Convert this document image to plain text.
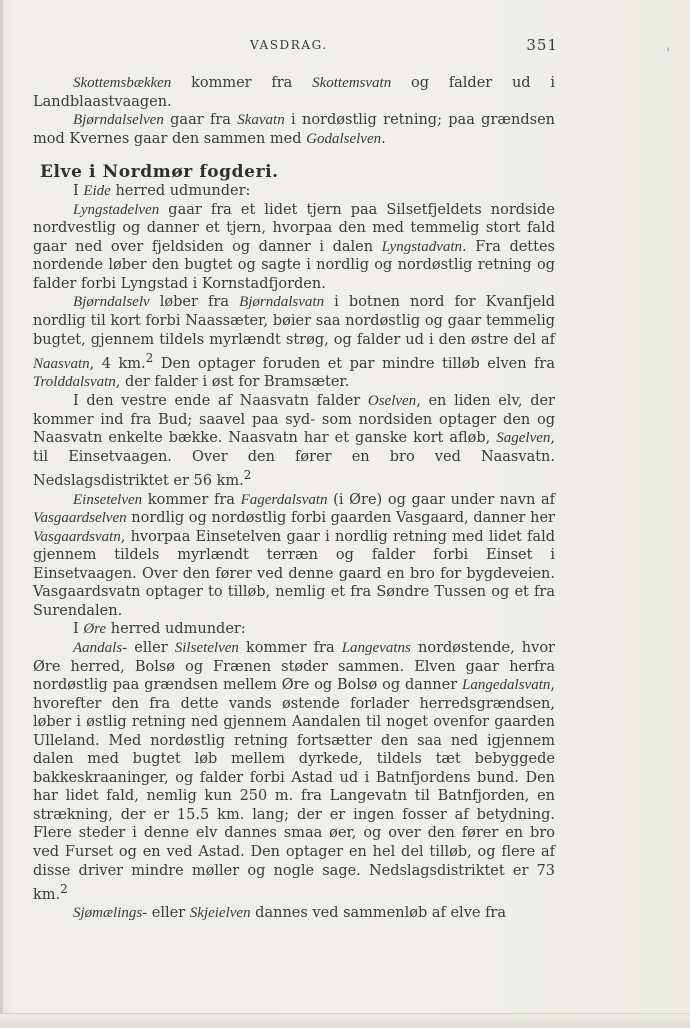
VASDRAG.	351	'

Skottemsbækken kommer fra Skottemsvatn og falder ud i Landblaastvaagen.

Bjørndalselven gaar fra Skavatn i nordøstlig retning; paa grændsen mod Kvernes gaar den sammen med Godalselven.

Elve i Nordmør fogderi.

I Eide herred udmunder:

Lyngstadelven gaar fra et lidet tjern paa Silsetfjeldets nordside nordvestlig og danner et tjern, hvorpaa den med temmelig stort fald gaar ned over fjeldsiden og danner i dalen Lyngstadvatn. Fra dettes nordende løber den bugtet og sagte i nordlig og nordøstlig retning og falder forbi Lyngstad i Kornstadfjorden.

Bjørndalselv løber fra Bjørndalsvatn i botnen nord for Kvanfjeld nordlig til kort forbi Naassæter, bøier saa nordøstlig og gaar temmelig bugtet, gjennem tildels myrlændt strøg, og falder ud i den østre del af Naasvatn, 4 km.$^2$ Den optager foruden et par mindre tilløb elven fra Trolddalsvatn, der falder i øst for Bramsæter.

I den vestre ende af Naasvatn falder Oselven, en liden elv, der kommer ind fra Bud; saavel paa syd- som nordsiden optager den og Naasvatn enkelte bække. Naasvatn har et ganske kort afløb, Sagelven, til Einsetvaagen. Over den fører en bro ved Naasvatn. Nedslagsdistriktet er 56 km.$^2$

Einsetelven kommer fra Fagerdalsvatn (i Øre) og gaar under navn af Vasgaardselven nordlig og nordøstlig forbi gaarden Vasgaard, danner her Vasgaardsvatn, hvorpaa Einsetelven gaar i nordlig retning med lidet fald gjennem tildels myrlændt terræn og falder forbi Einset i Einsetvaagen. Over den fører ved denne gaard en bro for bygdeveien. Vasgaardsvatn optager to tilløb, nemlig et fra Søndre Tussen og et fra Surendalen.

I Øre herred udmunder:

Aandals- eller Silsetelven kommer fra Langevatns nordøstende, hvor Øre herred, Bolsø og Frænen støder sammen. Elven gaar herfra nordøstlig paa grændsen mellem Øre og Bolsø og danner Langedalsvatn, hvorefter den fra dette vands østende forlader herredsgrændsen, løber i østlig retning ned gjennem Aandalen til noget ovenfor gaarden Ulleland. Med nordøstlig retning fortsætter den saa ned igjennem dalen med bugtet løb mellem dyrkede, tildels tæt bebyggede bakkeskraaninger, og falder forbi Astad ud i Batnfjordens bund. Den har lidet fald, nemlig kun 250 m. fra Langevatn til Batnfjorden, en strækning, der er 15.5 km. lang; der er ingen fosser af betydning. Flere steder i denne elv dannes smaa øer, og over den fører en bro ved Furset og en ved Astad. Den optager en hel del tilløb, og flere af disse driver mindre møller og nogle sage. Nedslagsdistriktet er 73 km.$^2$

Sjømælings- eller Skjeielven dannes ved sammenløb af elve fra
